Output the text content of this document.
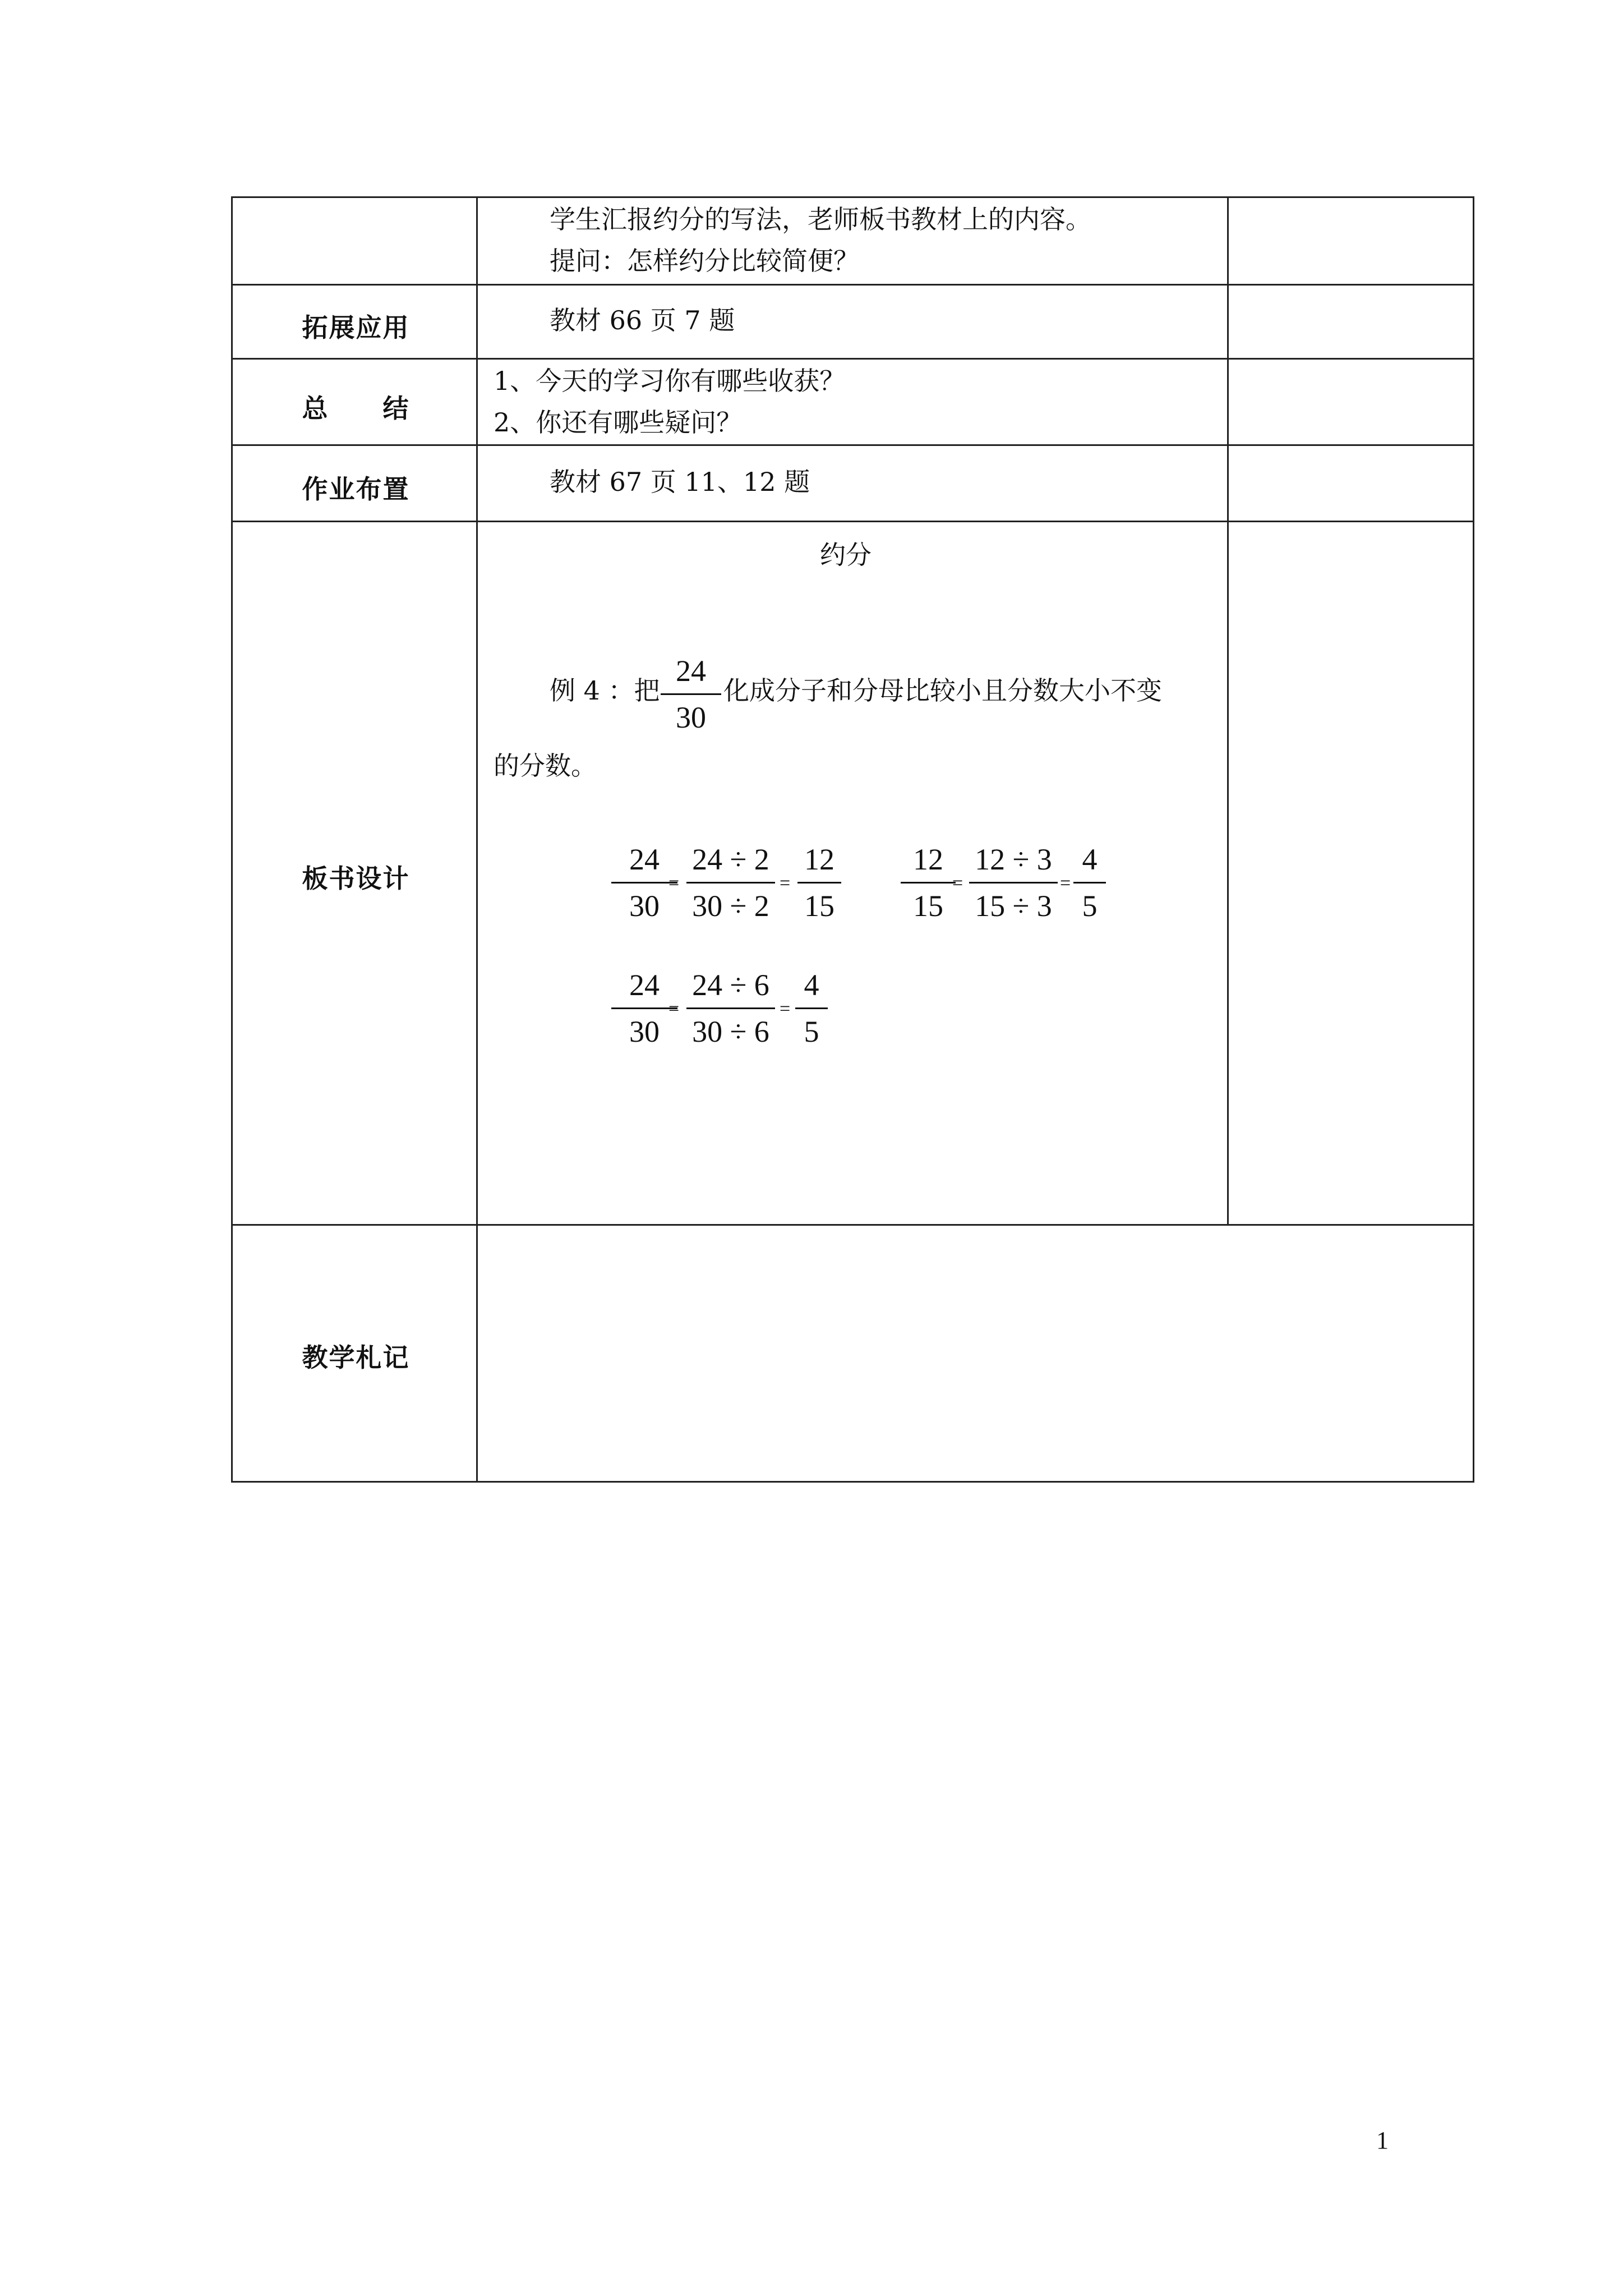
学生汇报约分的写法，老师板书教材上的内容。
提问：怎样约分比较简便？
拓展应用	教材 66 页 7 题
总　　结
1、今天的学习你有哪些收获？
2、你还有哪些疑问？
作业布置	教材 67 页 11、12 题
板书设计
约分
例 4 ：把
24
30
化成分子和分母比较小且分数大小不变
的分数。
24
30
=
24 ÷ 2
30 ÷ 2
=
12
15
12
15
=
12 ÷ 3
15 ÷ 3
=
4
5
24
30
=
24 ÷ 6
30 ÷ 6
=
4
5
教学札记
1
